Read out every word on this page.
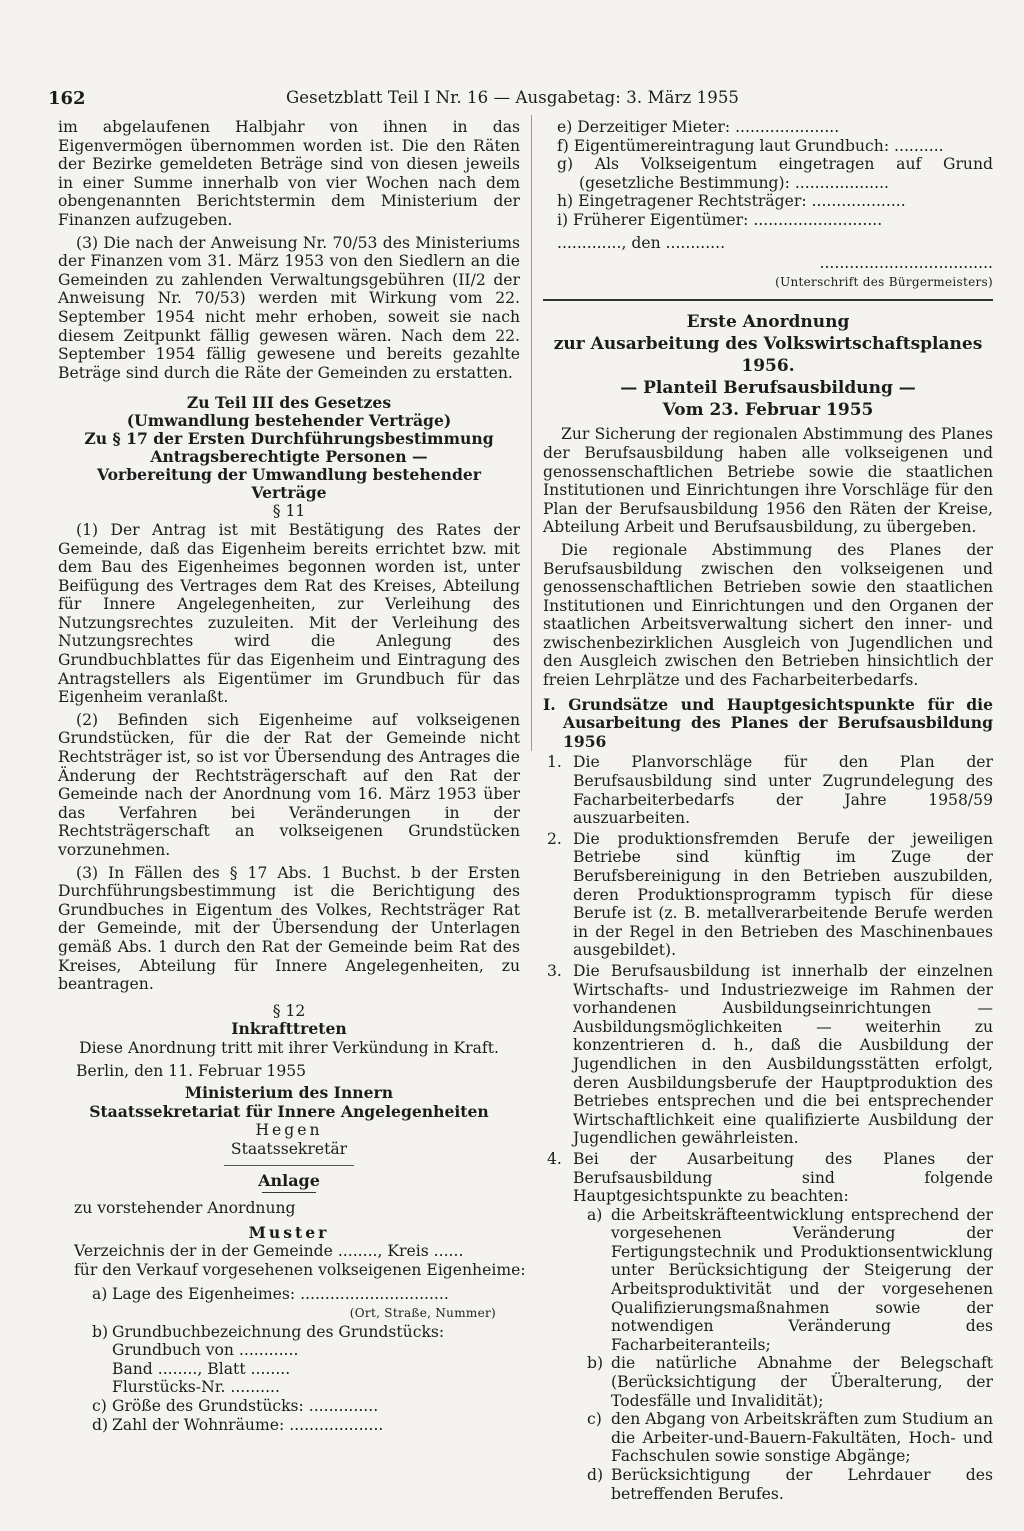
162	Gesetzblatt Teil I Nr. 16 — Ausgabetag: 3. März 1955

im abgelaufenen Halbjahr von ihnen in das Eigenvermögen übernommen worden ist. Die den Räten der Bezirke gemeldeten Beträge sind von diesen jeweils in einer Summe innerhalb von vier Wochen nach dem obengenannten Berichtstermin dem Ministerium der Finanzen aufzugeben.

(3) Die nach der Anweisung Nr. 70/53 des Ministeriums der Finanzen vom 31. März 1953 von den Siedlern an die Gemeinden zu zahlenden Verwaltungsgebühren (II/2 der Anweisung Nr. 70/53) werden mit Wirkung vom 22. September 1954 nicht mehr erhoben, soweit sie nach diesem Zeitpunkt fällig gewesen wären. Nach dem 22. September 1954 fällig gewesene und bereits gezahlte Beträge sind durch die Räte der Gemeinden zu erstatten.

Zu Teil III des Gesetzes
(Umwandlung bestehender Verträge)
Zu § 17 der Ersten Durchführungsbestimmung
Antragsberechtigte Personen —
Vorbereitung der Umwandlung bestehender Verträge
§ 11

(1) Der Antrag ist mit Bestätigung des Rates der Gemeinde, daß das Eigenheim bereits errichtet bzw. mit dem Bau des Eigenheimes begonnen worden ist, unter Beifügung des Vertrages dem Rat des Kreises, Abteilung für Innere Angelegenheiten, zur Verleihung des Nutzungsrechtes zuzuleiten. Mit der Verleihung des Nutzungsrechtes wird die Anlegung des Grundbuchblattes für das Eigenheim und Eintragung des Antragstellers als Eigentümer im Grundbuch für das Eigenheim veranlaßt.

(2) Befinden sich Eigenheime auf volkseigenen Grundstücken, für die der Rat der Gemeinde nicht Rechtsträger ist, so ist vor Übersendung des Antrages die Änderung der Rechtsträgerschaft auf den Rat der Gemeinde nach der Anordnung vom 16. März 1953 über das Verfahren bei Veränderungen in der Rechtsträgerschaft an volkseigenen Grundstücken vorzunehmen.

(3) In Fällen des § 17 Abs. 1 Buchst. b der Ersten Durchführungsbestimmung ist die Berichtigung des Grundbuches in Eigentum des Volkes, Rechtsträger Rat der Gemeinde, mit der Übersendung der Unterlagen gemäß Abs. 1 durch den Rat der Gemeinde beim Rat des Kreises, Abteilung für Innere Angelegenheiten, zu beantragen.

§ 12
Inkrafttreten

Diese Anordnung tritt mit ihrer Verkündung in Kraft.

Berlin, den 11. Februar 1955

Ministerium des Innern
Staatssekretariat für Innere Angelegenheiten
Hegen
Staatssekretär
Anlage
zu vorstehender Anordnung
Muster
Verzeichnis der in der Gemeinde ........, Kreis ......
für den Verkauf vorgesehenen volkseigenen Eigenheime:
a) Lage des Eigenheimes: ..............................
(Ort, Straße, Nummer)
b) Grundbuchbezeichnung des Grundstücks:
Grundbuch von ............
Band ........, Blatt ........
Flurstücks-Nr. ..........
c) Größe des Grundstücks: ..............
d) Zahl der Wohnräume: ...................
e) Derzeitiger Mieter: .....................
f) Eigentümereintragung laut Grundbuch: ..........

g) Als Volkseigentum eingetragen auf Grund (gesetzliche Bestimmung): ...................

h) Eingetragener Rechtsträger: ...................
i) Früherer Eigentümer: ..........................
............., den ............
...................................
(Unterschrift des Bürgermeisters)
Erste Anordnung
zur Ausarbeitung des Volkswirtschaftsplanes 1956.
— Planteil Berufsausbildung —
Vom 23. Februar 1955

Zur Sicherung der regionalen Abstimmung des Planes der Berufsausbildung haben alle volkseigenen und genossenschaftlichen Betriebe sowie die staatlichen Institutionen und Einrichtungen ihre Vorschläge für den Plan der Berufsausbildung 1956 den Räten der Kreise, Abteilung Arbeit und Berufsausbildung, zu übergeben.

Die regionale Abstimmung des Planes der Berufsausbildung zwischen den volkseigenen und genossenschaftlichen Betrieben sowie den staatlichen Institutionen und Einrichtungen und den Organen der staatlichen Arbeitsverwaltung sichert den inner- und zwischenbezirklichen Ausgleich von Jugendlichen und den Ausgleich zwischen den Betrieben hinsichtlich der freien Lehrplätze und des Facharbeiterbedarfs.

I. Grundsätze und Hauptgesichtspunkte für die Ausarbeitung des Planes der Berufsausbildung 1956

1. Die Planvorschläge für den Plan der Berufsausbildung sind unter Zugrundelegung des Facharbeiterbedarfs der Jahre 1958/59 auszuarbeiten.
2. Die produktionsfremden Berufe der jeweiligen Betriebe sind künftig im Zuge der Berufsbereinigung in den Betrieben auszubilden, deren Produktionsprogramm typisch für diese Berufe ist (z. B. metallverarbeitende Berufe werden in der Regel in den Betrieben des Maschinenbaues ausgebildet).
3. Die Berufsausbildung ist innerhalb der einzelnen Wirtschafts- und Industriezweige im Rahmen der vorhandenen Ausbildungseinrichtungen — Ausbildungsmöglichkeiten — weiterhin zu konzentrieren d. h., daß die Ausbildung der Jugendlichen in den Ausbildungsstätten erfolgt, deren Ausbildungsberufe der Hauptproduktion des Betriebes entsprechen und die bei entsprechender Wirtschaftlichkeit eine qualifizierte Ausbildung der Jugendlichen gewährleisten.
4. Bei der Ausarbeitung des Planes der Berufsausbildung sind folgende Hauptgesichtspunkte zu beachten:
a) die Arbeitskräfteentwicklung entsprechend der vorgesehenen Veränderung der Fertigungstechnik und Produktionsentwicklung unter Berücksichtigung der Steigerung der Arbeitsproduktivität und der vorgesehenen Qualifizierungsmaßnahmen sowie der notwendigen Veränderung des Facharbeiteranteils;
b) die natürliche Abnahme der Belegschaft (Berücksichtigung der Überalterung, der Todesfälle und Invalidität);
c) den Abgang von Arbeitskräften zum Studium an die Arbeiter-und-Bauern-Fakultäten, Hoch- und Fachschulen sowie sonstige Abgänge;
d) Berücksichtigung der Lehrdauer des betreffenden Berufes.
